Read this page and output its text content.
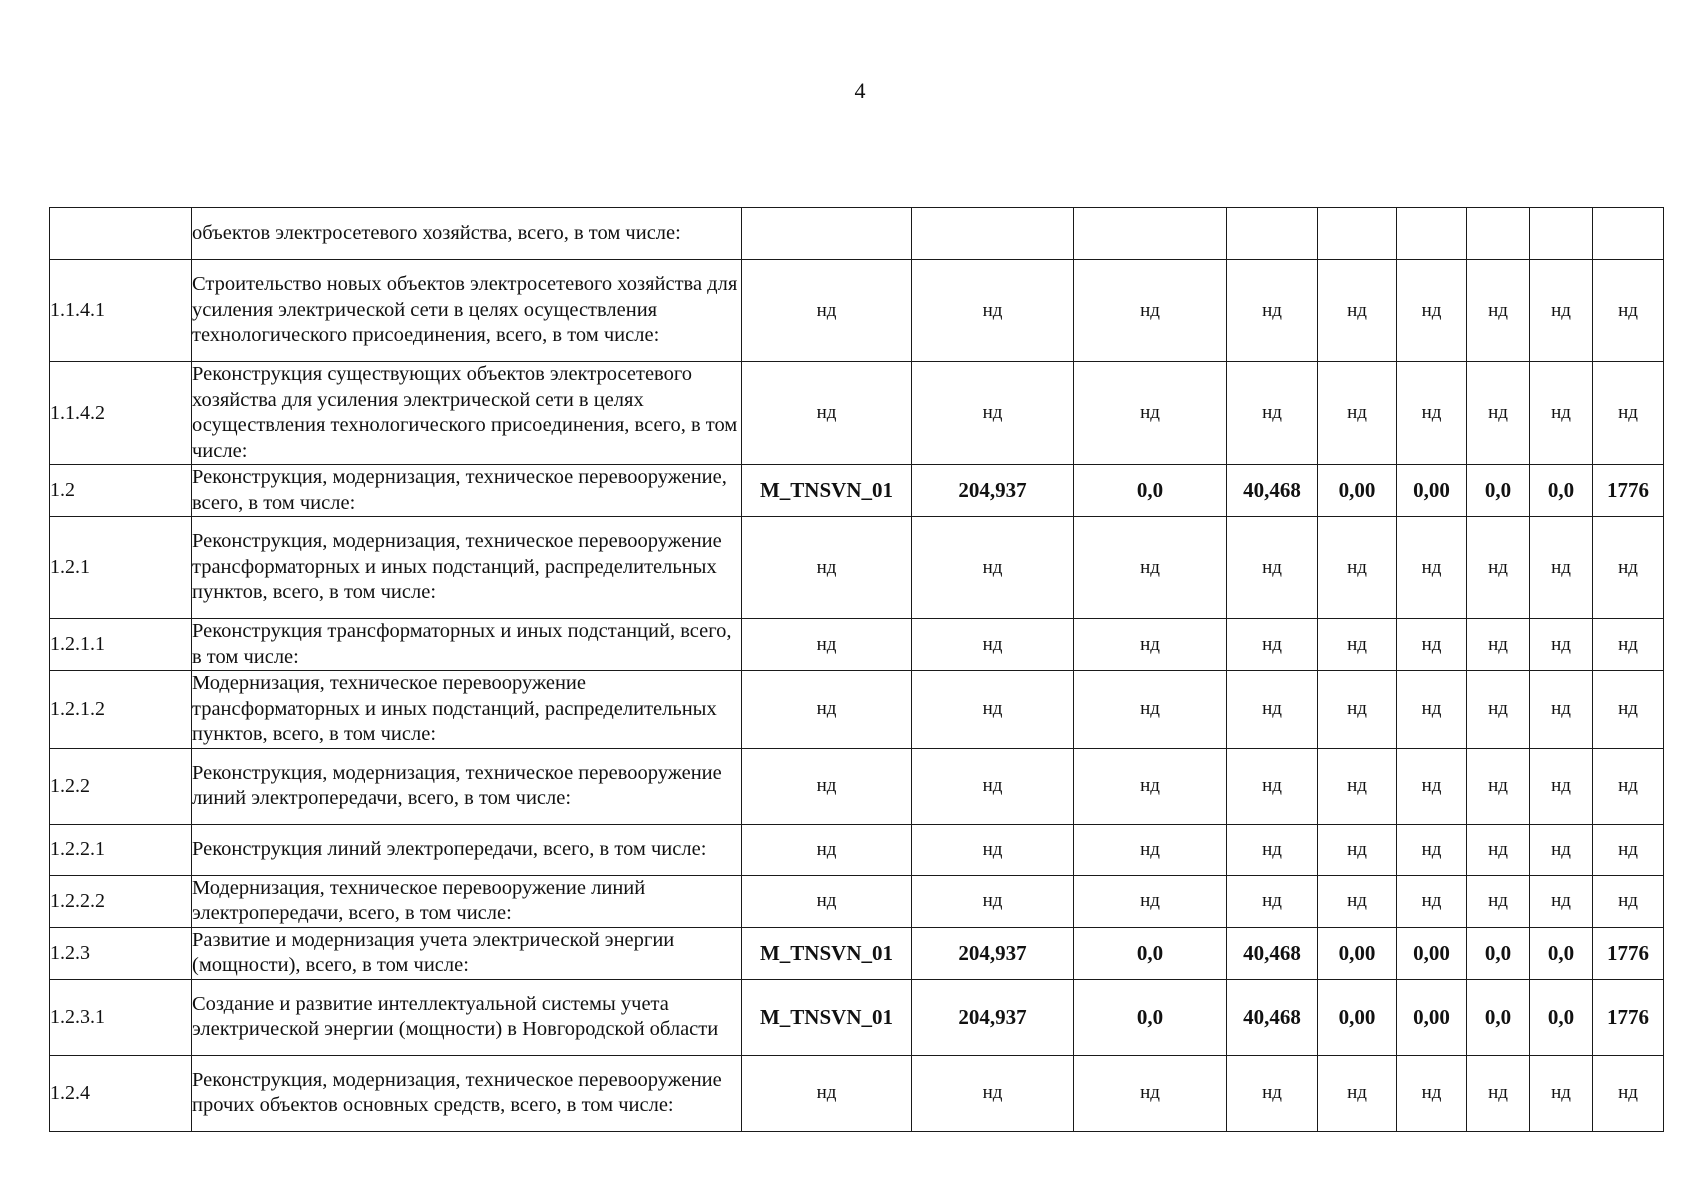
4
	объектов электросетевого хозяйства, всего, в том числе:									
1.1.4.1	Строительство новых объектов электросетевого хозяйства для усиления электрической сети в целях осуществления технологического присоединения, всего, в том числе:	нд	нд	нд	нд	нд	нд	нд	нд	нд
1.1.4.2	Реконструкция существующих объектов электросетевого хозяйства для усиления электрической сети в целях осуществления технологического присоединения, всего, в том числе:	нд	нд	нд	нд	нд	нд	нд	нд	нд
1.2	Реконструкция, модернизация, техническое перевооружение, всего, в том числе:	M_TNSVN_01	204,937	0,0	40,468	0,00	0,00	0,0	0,0	1776
1.2.1	Реконструкция, модернизация, техническое перевооружение трансформаторных и иных подстанций, распределительных пунктов, всего, в том числе:	нд	нд	нд	нд	нд	нд	нд	нд	нд
1.2.1.1	Реконструкция трансформаторных и иных подстанций, всего, в том числе:	нд	нд	нд	нд	нд	нд	нд	нд	нд
1.2.1.2	Модернизация, техническое перевооружение трансформаторных и иных подстанций, распределительных пунктов, всего, в том числе:	нд	нд	нд	нд	нд	нд	нд	нд	нд
1.2.2	Реконструкция, модернизация, техническое перевооружение линий электропередачи, всего, в том числе:	нд	нд	нд	нд	нд	нд	нд	нд	нд
1.2.2.1	Реконструкция линий электропередачи, всего, в том числе:	нд	нд	нд	нд	нд	нд	нд	нд	нд
1.2.2.2	Модернизация, техническое перевооружение линий электропередачи, всего, в том числе:	нд	нд	нд	нд	нд	нд	нд	нд	нд
1.2.3	Развитие и модернизация учета электрической энергии (мощности), всего, в том числе:	M_TNSVN_01	204,937	0,0	40,468	0,00	0,00	0,0	0,0	1776
1.2.3.1	Создание и развитие интеллектуальной системы учета электрической энергии (мощности) в Новгородской области	M_TNSVN_01	204,937	0,0	40,468	0,00	0,00	0,0	0,0	1776
1.2.4	Реконструкция, модернизация, техническое перевооружение прочих объектов основных средств, всего, в том числе:	нд	нд	нд	нд	нд	нд	нд	нд	нд
